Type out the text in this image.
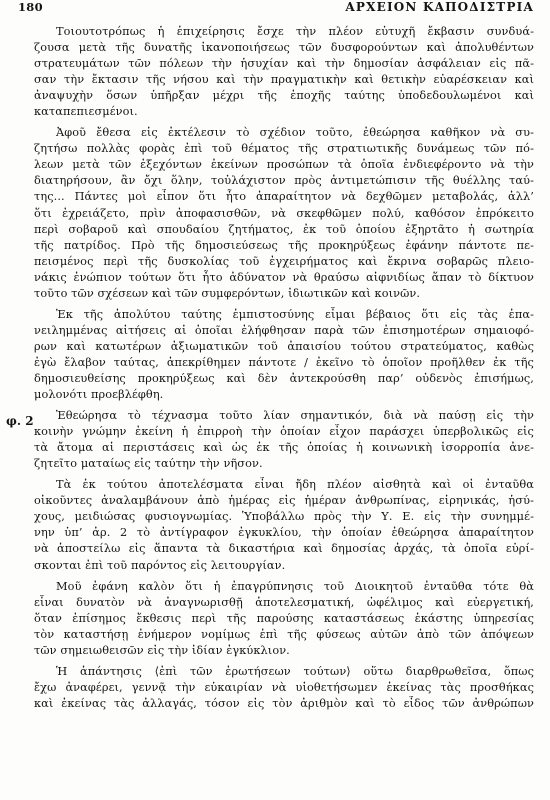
180	ΑΡΧΕΙΟΝ ΚΑΠΟΔΙΣΤΡΙΑ
φ. 2
Τοιουτοτρόπως ἡ ἐπιχείρησις ἔσχε τὴν πλέον εὐτυχῆ ἔκβασιν συνδυά-
ζουσα μετὰ τῆς δυνατῆς ἱκανοποιήσεως τῶν δυσφορούντων καὶ ἀπολυθέντων
στρατευμάτων τῶν πόλεων τὴν ἡσυχίαν καὶ τὴν δημοσίαν ἀσφάλειαν εἰς πᾶ-
σαν τὴν ἔκτασιν τῆς νήσου καὶ τὴν πραγματικὴν καὶ θετικὴν εὐαρέσκειαν καὶ
ἀναψυχὴν ὅσων ὑπῆρξαν μέχρι τῆς ἐποχῆς ταύτης ὑποδεδουλωμένοι καὶ
καταπεπιεσμένοι.
Ἀφοῦ ἔθεσα εἰς ἐκτέλεσιν τὸ σχέδιον τοῦτο, ἐθεώρησα καθῆκον νὰ συ-
ζητήσω πολλὰς φορὰς ἐπὶ τοῦ θέματος τῆς στρατιωτικῆς δυνάμεως τῶν πό-
λεων μετὰ τῶν ἐξεχόντων ἐκείνων προσώπων τὰ ὁποῖα ἐνδιεφέροντο νὰ τὴν
διατηρήσουν, ἂν ὄχι ὅλην, τοὐλάχιστον πρὸς ἀντιμετώπισιν τῆς θυέλλης ταύ-
της... Πάντες μοὶ εἶπον ὅτι ἦτο ἀπαραίτητον νὰ δεχθῶμεν μεταβολάς, ἀλλ’
ὅτι ἐχρειάζετο, πρὶν ἀποφασισθῶν, νὰ σκεφθῶμεν πολύ, καθόσον ἐπρόκειτο
περὶ σοβαροῦ καὶ σπουδαίου ζητήματος, ἐκ τοῦ ὁποίου ἐξηρτᾶτο ἡ σωτηρία
τῆς πατρίδος. Πρὸ τῆς δημοσιεύσεως τῆς προκηρύξεως ἐφάνην πάντοτε πε-
πεισμένος περὶ τῆς δυσκολίας τοῦ ἐγχειρήματος καὶ ἔκρινα σοβαρῶς πλειο-
νάκις ἐνώπιον τούτων ὅτι ἦτο ἀδύνατον νὰ θραύσω αἰφνιδίως ἅπαν τὸ δίκτυον
τοῦτο τῶν σχέσεων καὶ τῶν συμφερόντων, ἰδιωτικῶν καὶ κοινῶν.
Ἐκ τῆς ἀπολύτου ταύτης ἐμπιστοσύνης εἶμαι βέβαιος ὅτι εἰς τὰς ἐπα-
νειλημμένας αἰτήσεις αἱ ὁποῖαι ἐλήφθησαν παρὰ τῶν ἐπισημοτέρων σημαιοφό-
ρων καὶ κατωτέρων ἀξιωματικῶν τοῦ ἀπαισίου τούτου στρατεύματος, καθὼς
ἐγὼ ἔλαβον ταύτας, ἀπεκρίθημεν πάντοτε / ἐκεῖνο τὸ ὁποῖον προῆλθεν ἐκ τῆς
δημοσιευθείσης προκηρύξεως καὶ δὲν ἀντεκρούσθη παρ’ οὐδενὸς ἐπισήμως,
μολονότι προεβλέφθη.
Ἐθεώρησα τὸ τέχνασμα τοῦτο λίαν σημαντικόν, διὰ νὰ παύσῃ εἰς τὴν
κοινὴν γνώμην ἐκείνη ἡ ἐπιρροὴ τὴν ὁποίαν εἶχον παράσχει ὑπερβολικῶς εἰς
τὰ ἄτομα αἱ περιστάσεις καὶ ὡς ἐκ τῆς ὁποίας ἡ κοινωνικὴ ἰσορροπία ἀνε-
ζητεῖτο ματαίως εἰς ταύτην τὴν νῆσον.
Τὰ ἐκ τούτου ἀποτελέσματα εἶναι ἤδη πλέον αἰσθητὰ καὶ οἱ ἐνταῦθα
οἰκοῦντες ἀναλαμβάνουν ἀπὸ ἡμέρας εἰς ἡμέραν ἀνθρωπίνας, εἰρηνικάς, ἡσύ-
χους, μειδιώσας φυσιογνωμίας. Ὑποβάλλω πρὸς τὴν Υ. Ε. εἰς τὴν συνημμέ-
νην ὑπ’ ἀρ. 2 τὸ ἀντίγραφον ἐγκυκλίου, τὴν ὁποίαν ἐθεώρησα ἀπαραίτητον
νὰ ἀποστείλω εἰς ἅπαντα τὰ δικαστήρια καὶ δημοσίας ἀρχάς, τὰ ὁποῖα εὑρί-
σκονται ἐπὶ τοῦ παρόντος εἰς λειτουργίαν.
Μοῦ ἐφάνη καλὸν ὅτι ἡ ἐπαγρύπνησις τοῦ Διοικητοῦ ἐνταῦθα τότε θὰ
εἶναι δυνατὸν νὰ ἀναγνωρισθῇ ἀποτελεσματική, ὠφέλιμος καὶ εὐεργετική,
ὅταν ἐπίσημος ἔκθεσις περὶ τῆς παρούσης καταστάσεως ἑκάστης ὑπηρεσίας
τὸν καταστήσῃ ἐνήμερον νομίμως ἐπὶ τῆς φύσεως αὐτῶν ἀπὸ τῶν ἀπόψεων
τῶν σημειωθεισῶν εἰς τὴν ἰδίαν ἐγκύκλιον.
Ἡ ἀπάντησις ⟨ἐπὶ τῶν ἐρωτήσεων τούτων⟩ οὕτω διαρθρωθεῖσα, ὅπως
ἔχω ἀναφέρει, γεννᾷ τὴν εὐκαιρίαν νὰ υἱοθετήσωμεν ἐκείνας τὰς προσθήκας
καὶ ἐκείνας τὰς ἀλλαγάς, τόσον εἰς τὸν ἀριθμὸν καὶ τὸ εἶδος τῶν ἀνθρώπων
